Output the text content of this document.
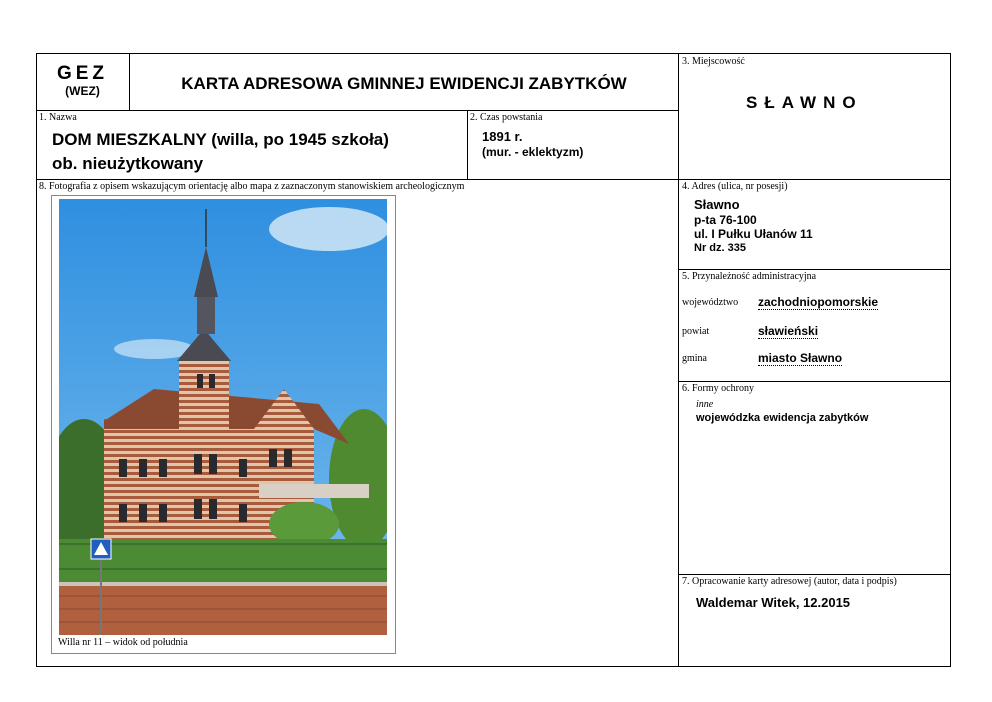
GEZ
(WEZ)	KARTA ADRESOWA GMINNEJ EWIDENCJI ZABYTKÓW
1. Nazwa
DOM MIESZKALNY (willa, po 1945 szkoła)
ob. nieużytkowany
2. Czas powstania
1891 r.
(mur. - eklektyzm)
3. Miejscowość
SŁAWNO
8. Fotografia z opisem wskazującym orientację albo mapa z zaznaczonym stanowiskiem archeologicznym
Willa nr 11 – widok od południa
4. Adres (ulica, nr posesji)
Sławno
p-ta 76-100
ul. I Pułku Ułanów 11
Nr dz. 335
5. Przynależność administracyjna
województwo zachodniopomorskie
powiat	sławieński
gmina	miasto Sławno
6. Formy ochrony
inne
wojewódzka ewidencja zabytków
7. Opracowanie karty adresowej (autor, data i podpis)
Waldemar Witek, 12.2015
